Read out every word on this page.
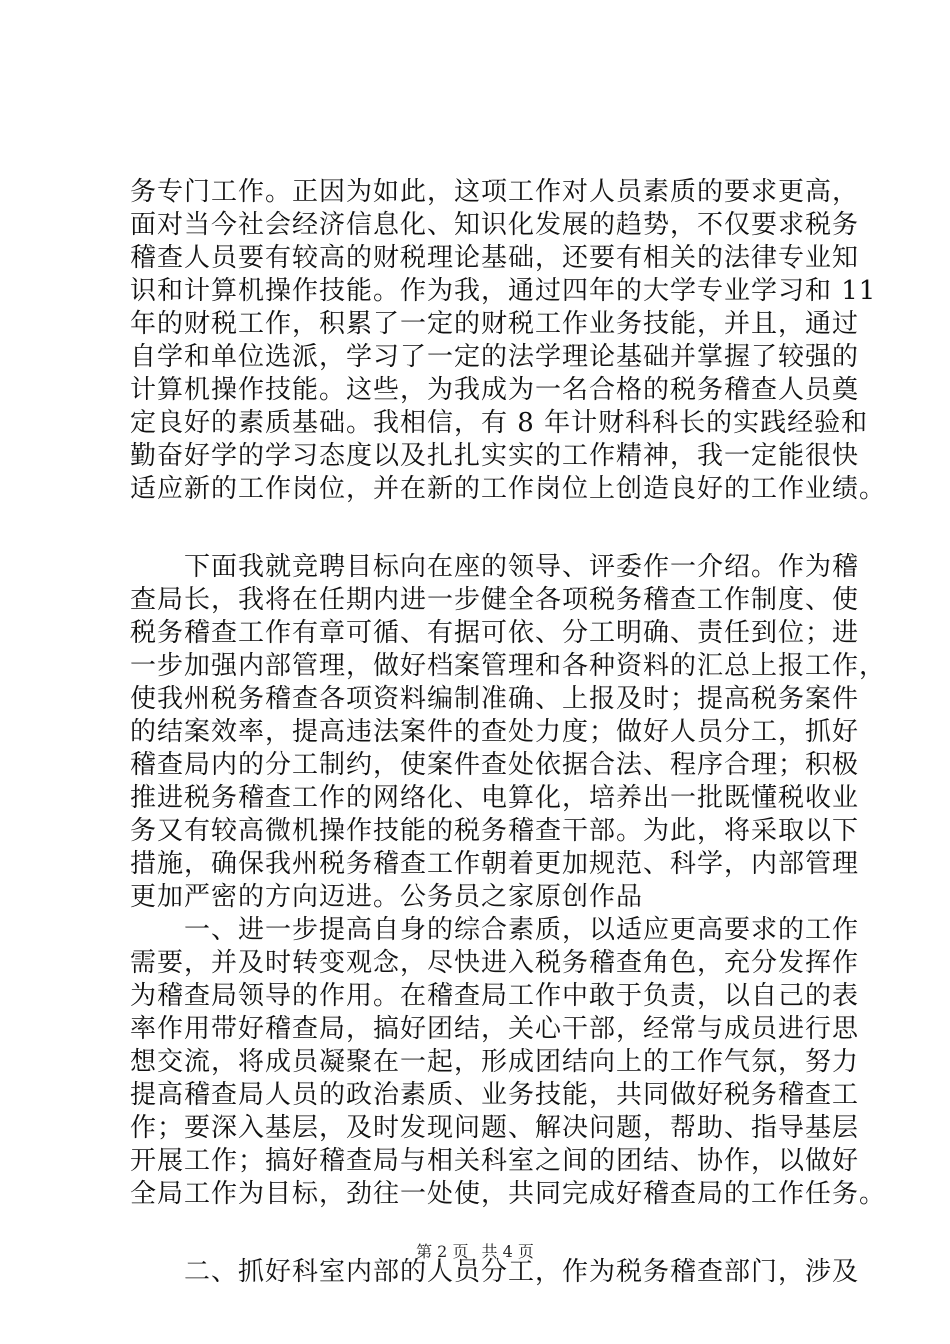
务专门工作。正因为如此，这项工作对人员素质的要求更高，
面对当今社会经济信息化、知识化发展的趋势，不仅要求税务
稽查人员要有较高的财税理论基础，还要有相关的法律专业知
识和计算机操作技能。作为我，通过四年的大学专业学习和 11
年的财税工作，积累了一定的财税工作业务技能，并且，通过
自学和单位选派，学习了一定的法学理论基础并掌握了较强的
计算机操作技能。这些，为我成为一名合格的税务稽查人员奠
定良好的素质基础。我相信，有 8 年计财科科长的实践经验和
勤奋好学的学习态度以及扎扎实实的工作精神，我一定能很快
适应新的工作岗位，并在新的工作岗位上创造良好的工作业绩。
　　下面我就竞聘目标向在座的领导、评委作一介绍。作为稽
查局长，我将在任期内进一步健全各项税务稽查工作制度、使
税务稽查工作有章可循、有据可依、分工明确、责任到位；进
一步加强内部管理，做好档案管理和各种资料的汇总上报工作，
使我州税务稽查各项资料编制准确、上报及时；提高税务案件
的结案效率，提高违法案件的查处力度；做好人员分工，抓好
稽查局内的分工制约，使案件查处依据合法、程序合理；积极
推进税务稽查工作的网络化、电算化，培养出一批既懂税收业
务又有较高微机操作技能的税务稽查干部。为此，将采取以下
措施，确保我州税务稽查工作朝着更加规范、科学，内部管理
更加严密的方向迈进。公务员之家原创作品
　　一、进一步提高自身的综合素质，以适应更高要求的工作
需要，并及时转变观念，尽快进入税务稽查角色，充分发挥作
为稽查局领导的作用。在稽查局工作中敢于负责，以自己的表
率作用带好稽查局，搞好团结，关心干部，经常与成员进行思
想交流，将成员凝聚在一起，形成团结向上的工作气氛，努力
提高稽查局人员的政治素质、业务技能，共同做好税务稽查工
作；要深入基层，及时发现问题、解决问题，帮助、指导基层
开展工作；搞好稽查局与相关科室之间的团结、协作，以做好
全局工作为目标，劲往一处使，共同完成好稽查局的工作任务。
　　二、抓好科室内部的人员分工，作为税务稽查部门，涉及
第 2 页 共 4 页
